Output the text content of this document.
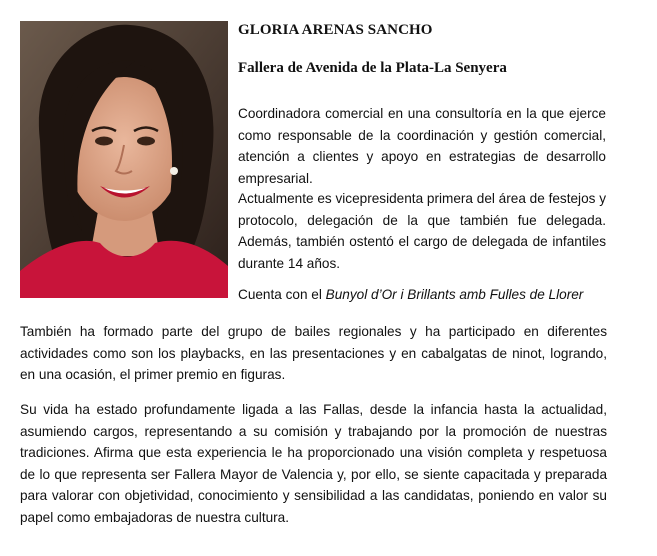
GLORIA ARENAS SANCHO
Fallera de Avenida de la Plata-La Senyera

Coordinadora comercial en una consultoría en la que ejerce como responsable de la coordinación y gestión comercial, atención a clientes y apoyo en estrategias de desarrollo empresarial.

Actualmente es vicepresidenta primera del área de festejos y protocolo, delegación de la que también fue delegada. Además, también ostentó el cargo de delegada de infantiles durante 14 años.

Cuenta con el Bunyol d’Or i Brillants amb Fulles de Llorer

También ha formado parte del grupo de bailes regionales y ha participado en diferentes actividades como son los playbacks, en las presentaciones y en cabalgatas de ninot, logrando, en una ocasión, el primer premio en figuras.

Su vida ha estado profundamente ligada a las Fallas, desde la infancia hasta la actualidad, asumiendo cargos, representando a su comisión y trabajando por la promoción de nuestras tradiciones. Afirma que esta experiencia le ha proporcionado una visión completa y respetuosa de lo que representa ser Fallera Mayor de Valencia y, por ello, se siente capacitada y preparada para valorar con objetividad, conocimiento y sensibilidad a las candidatas, poniendo en valor su papel como embajadoras de nuestra cultura.
